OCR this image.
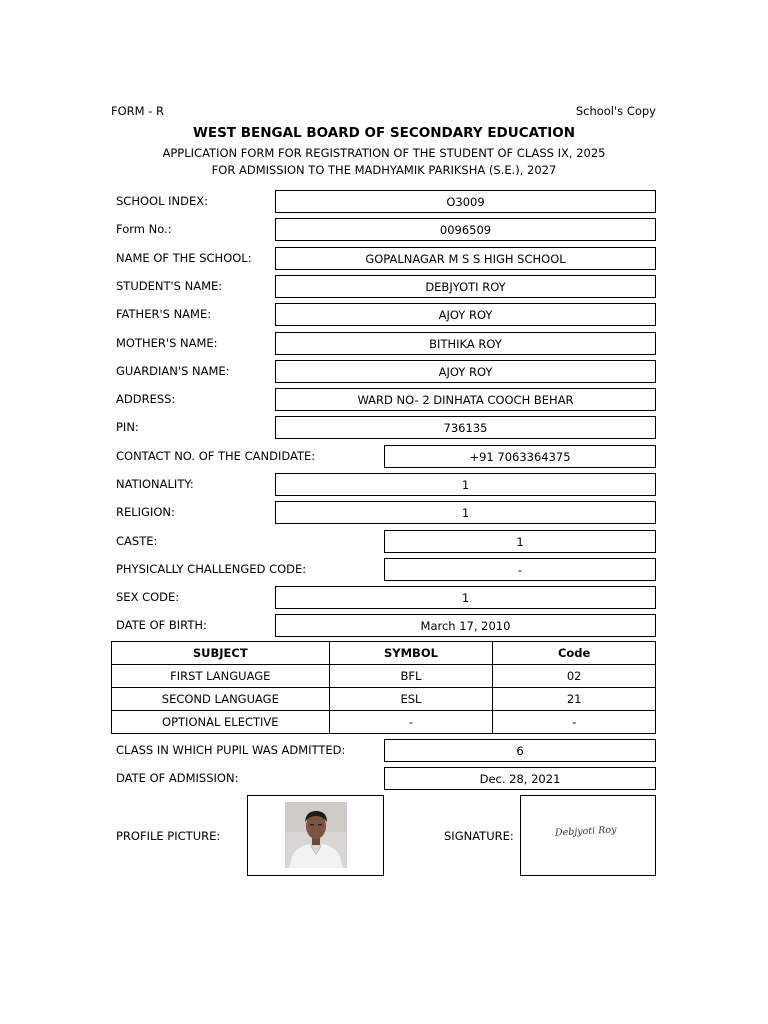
FORM - R	School's Copy
WEST BENGAL BOARD OF SECONDARY EDUCATION
APPLICATION FORM FOR REGISTRATION OF THE STUDENT OF CLASS IX, 2025
FOR ADMISSION TO THE MADHYAMIK PARIKSHA (S.E.), 2027
SCHOOL INDEX:	O3009
Form No.:	0096509
NAME OF THE SCHOOL:	GOPALNAGAR M S S HIGH SCHOOL
STUDENT'S NAME:	DEBJYOTI ROY
FATHER'S NAME:	AJOY ROY
MOTHER'S NAME:	BITHIKA ROY
GUARDIAN'S NAME:	AJOY ROY
ADDRESS:	WARD NO- 2 DINHATA COOCH BEHAR
PIN:	736135
CONTACT NO. OF THE CANDIDATE:	+91 7063364375
NATIONALITY:	1
RELIGION:	1
CASTE:	1
PHYSICALLY CHALLENGED CODE:	-
SEX CODE:	1
DATE OF BIRTH:	March 17, 2010
SUBJECT	SYMBOL	Code
FIRST LANGUAGE	BFL	02
SECOND LANGUAGE	ESL	21
OPTIONAL ELECTIVE	-	-
CLASS IN WHICH PUPIL WAS ADMITTED:	6
DATE OF ADMISSION:	Dec. 28, 2021
PROFILE PICTURE:	SIGNATURE:	Debjyoti Roy
